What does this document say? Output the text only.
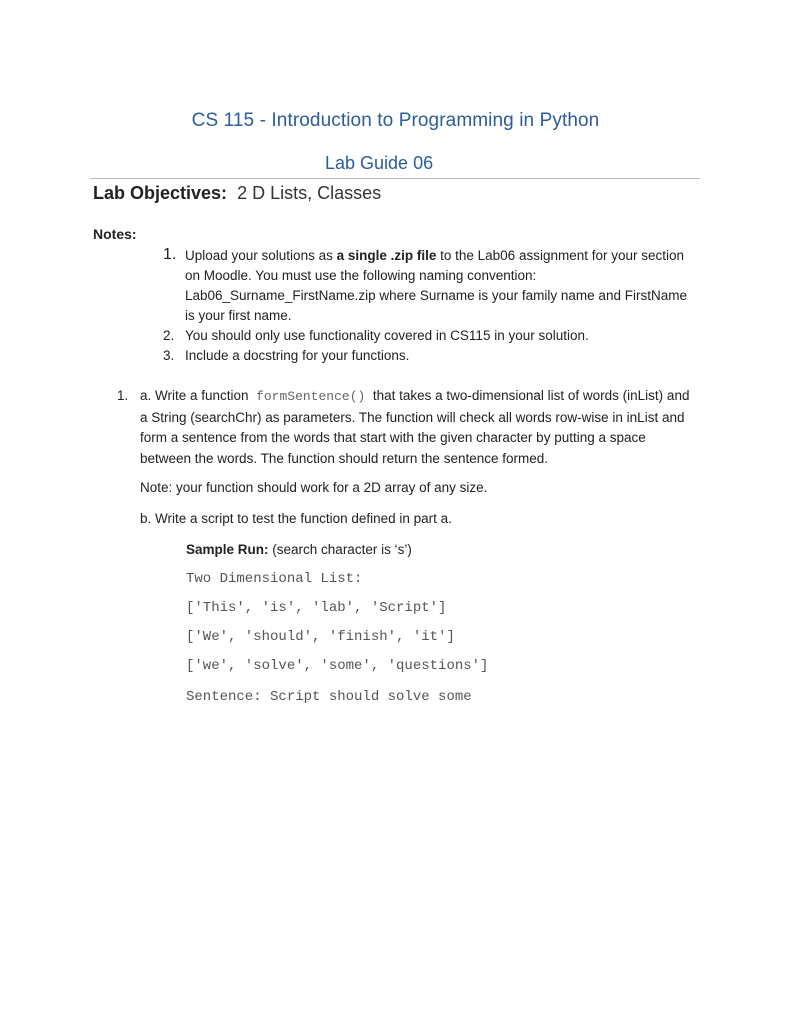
CS 115 - Introduction to Programming in Python
Lab Guide 06
Lab Objectives: 2 D Lists, Classes
Notes:
1. Upload your solutions as a single .zip file to the Lab06 assignment for your section on Moodle. You must use the following naming convention: Lab06_Surname_FirstName.zip where Surname is your family name and FirstName is your first name.
2. You should only use functionality covered in CS115 in your solution.
3. Include a docstring for your functions.
1. a. Write a function formSentence() that takes a two-dimensional list of words (inList) and a String (searchChr) as parameters. The function will check all words row-wise in inList and form a sentence from the words that start with the given character by putting a space between the words. The function should return the sentence formed.
Note: your function should work for a 2D array of any size.
b. Write a script to test the function defined in part a.
Sample Run: (search character is ‘s’)
Two Dimensional List:
['This', 'is', 'lab', 'Script']
['We', 'should', 'finish', 'it']
['we', 'solve', 'some', 'questions']
Sentence: Script should solve some
